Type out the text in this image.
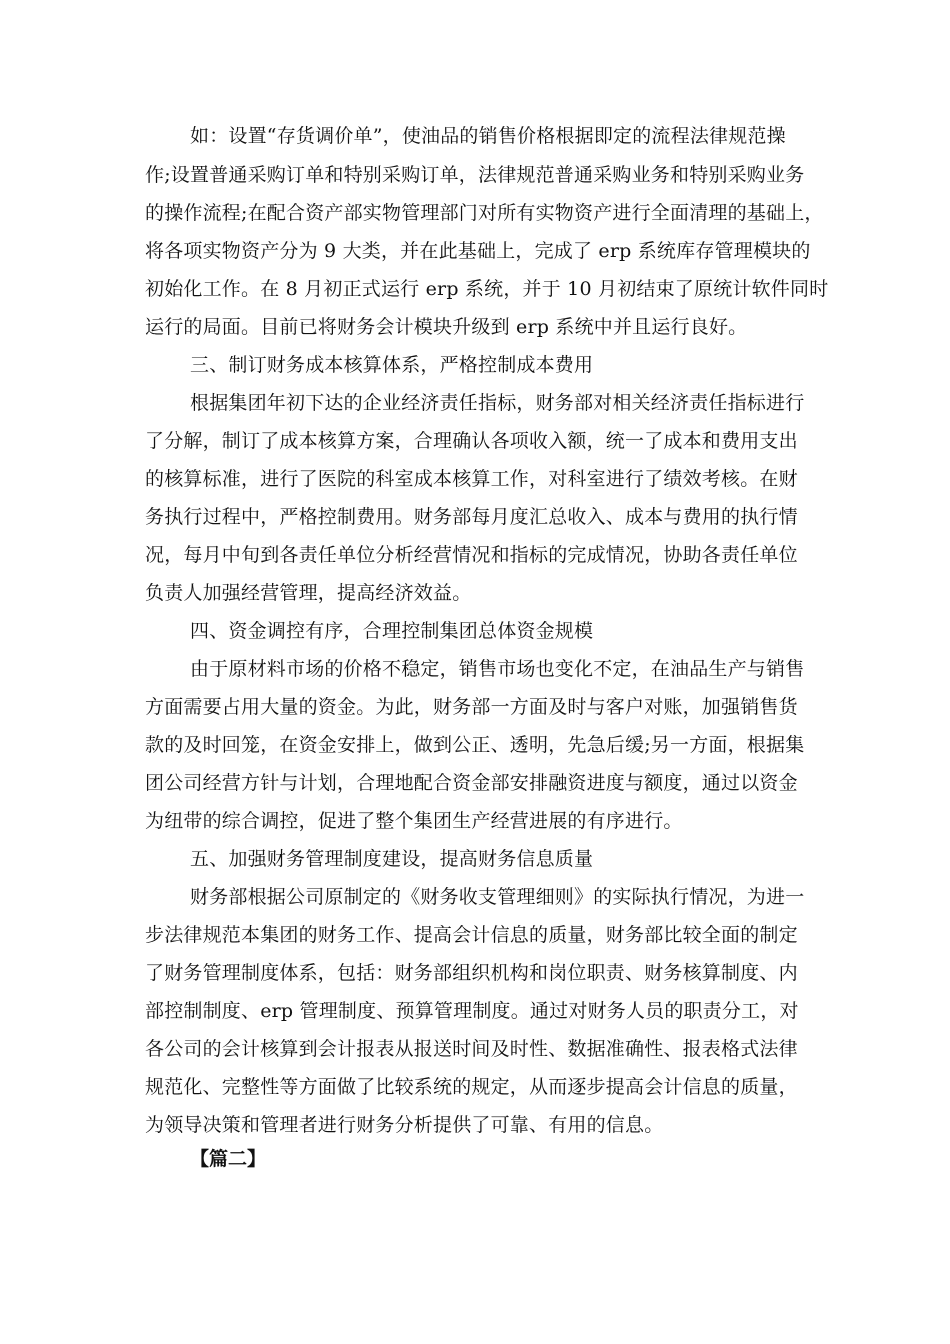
如：设置“存货调价单”，使油品的销售价格根据即定的流程法律规范操
作;设置普通采购订单和特别采购订单，法律规范普通采购业务和特别采购业务
的操作流程;在配合资产部实物管理部门对所有实物资产进行全面清理的基础上，
将各项实物资产分为 9 大类，并在此基础上，完成了 erp 系统库存管理模块的
初始化工作。在 8 月初正式运行 erp 系统，并于 10 月初结束了原统计软件同时
运行的局面。目前已将财务会计模块升级到 erp 系统中并且运行良好。
三、制订财务成本核算体系，严格控制成本费用
根据集团年初下达的企业经济责任指标，财务部对相关经济责任指标进行
了分解，制订了成本核算方案，合理确认各项收入额，统一了成本和费用支出
的核算标准，进行了医院的科室成本核算工作，对科室进行了绩效考核。在财
务执行过程中，严格控制费用。财务部每月度汇总收入、成本与费用的执行情
况，每月中旬到各责任单位分析经营情况和指标的完成情况，协助各责任单位
负责人加强经营管理，提高经济效益。
四、资金调控有序，合理控制集团总体资金规模
由于原材料市场的价格不稳定，销售市场也变化不定，在油品生产与销售
方面需要占用大量的资金。为此，财务部一方面及时与客户对账，加强销售货
款的及时回笼，在资金安排上，做到公正、透明，先急后缓;另一方面，根据集
团公司经营方针与计划，合理地配合资金部安排融资进度与额度，通过以资金
为纽带的综合调控，促进了整个集团生产经营进展的有序进行。
五、加强财务管理制度建设，提高财务信息质量
财务部根据公司原制定的《财务收支管理细则》的实际执行情况，为进一
步法律规范本集团的财务工作、提高会计信息的质量，财务部比较全面的制定
了财务管理制度体系，包括：财务部组织机构和岗位职责、财务核算制度、内
部控制制度、erp 管理制度、预算管理制度。通过对财务人员的职责分工，对
各公司的会计核算到会计报表从报送时间及时性、数据准确性、报表格式法律
规范化、完整性等方面做了比较系统的规定，从而逐步提高会计信息的质量，
为领导决策和管理者进行财务分析提供了可靠、有用的信息。
【篇二】
